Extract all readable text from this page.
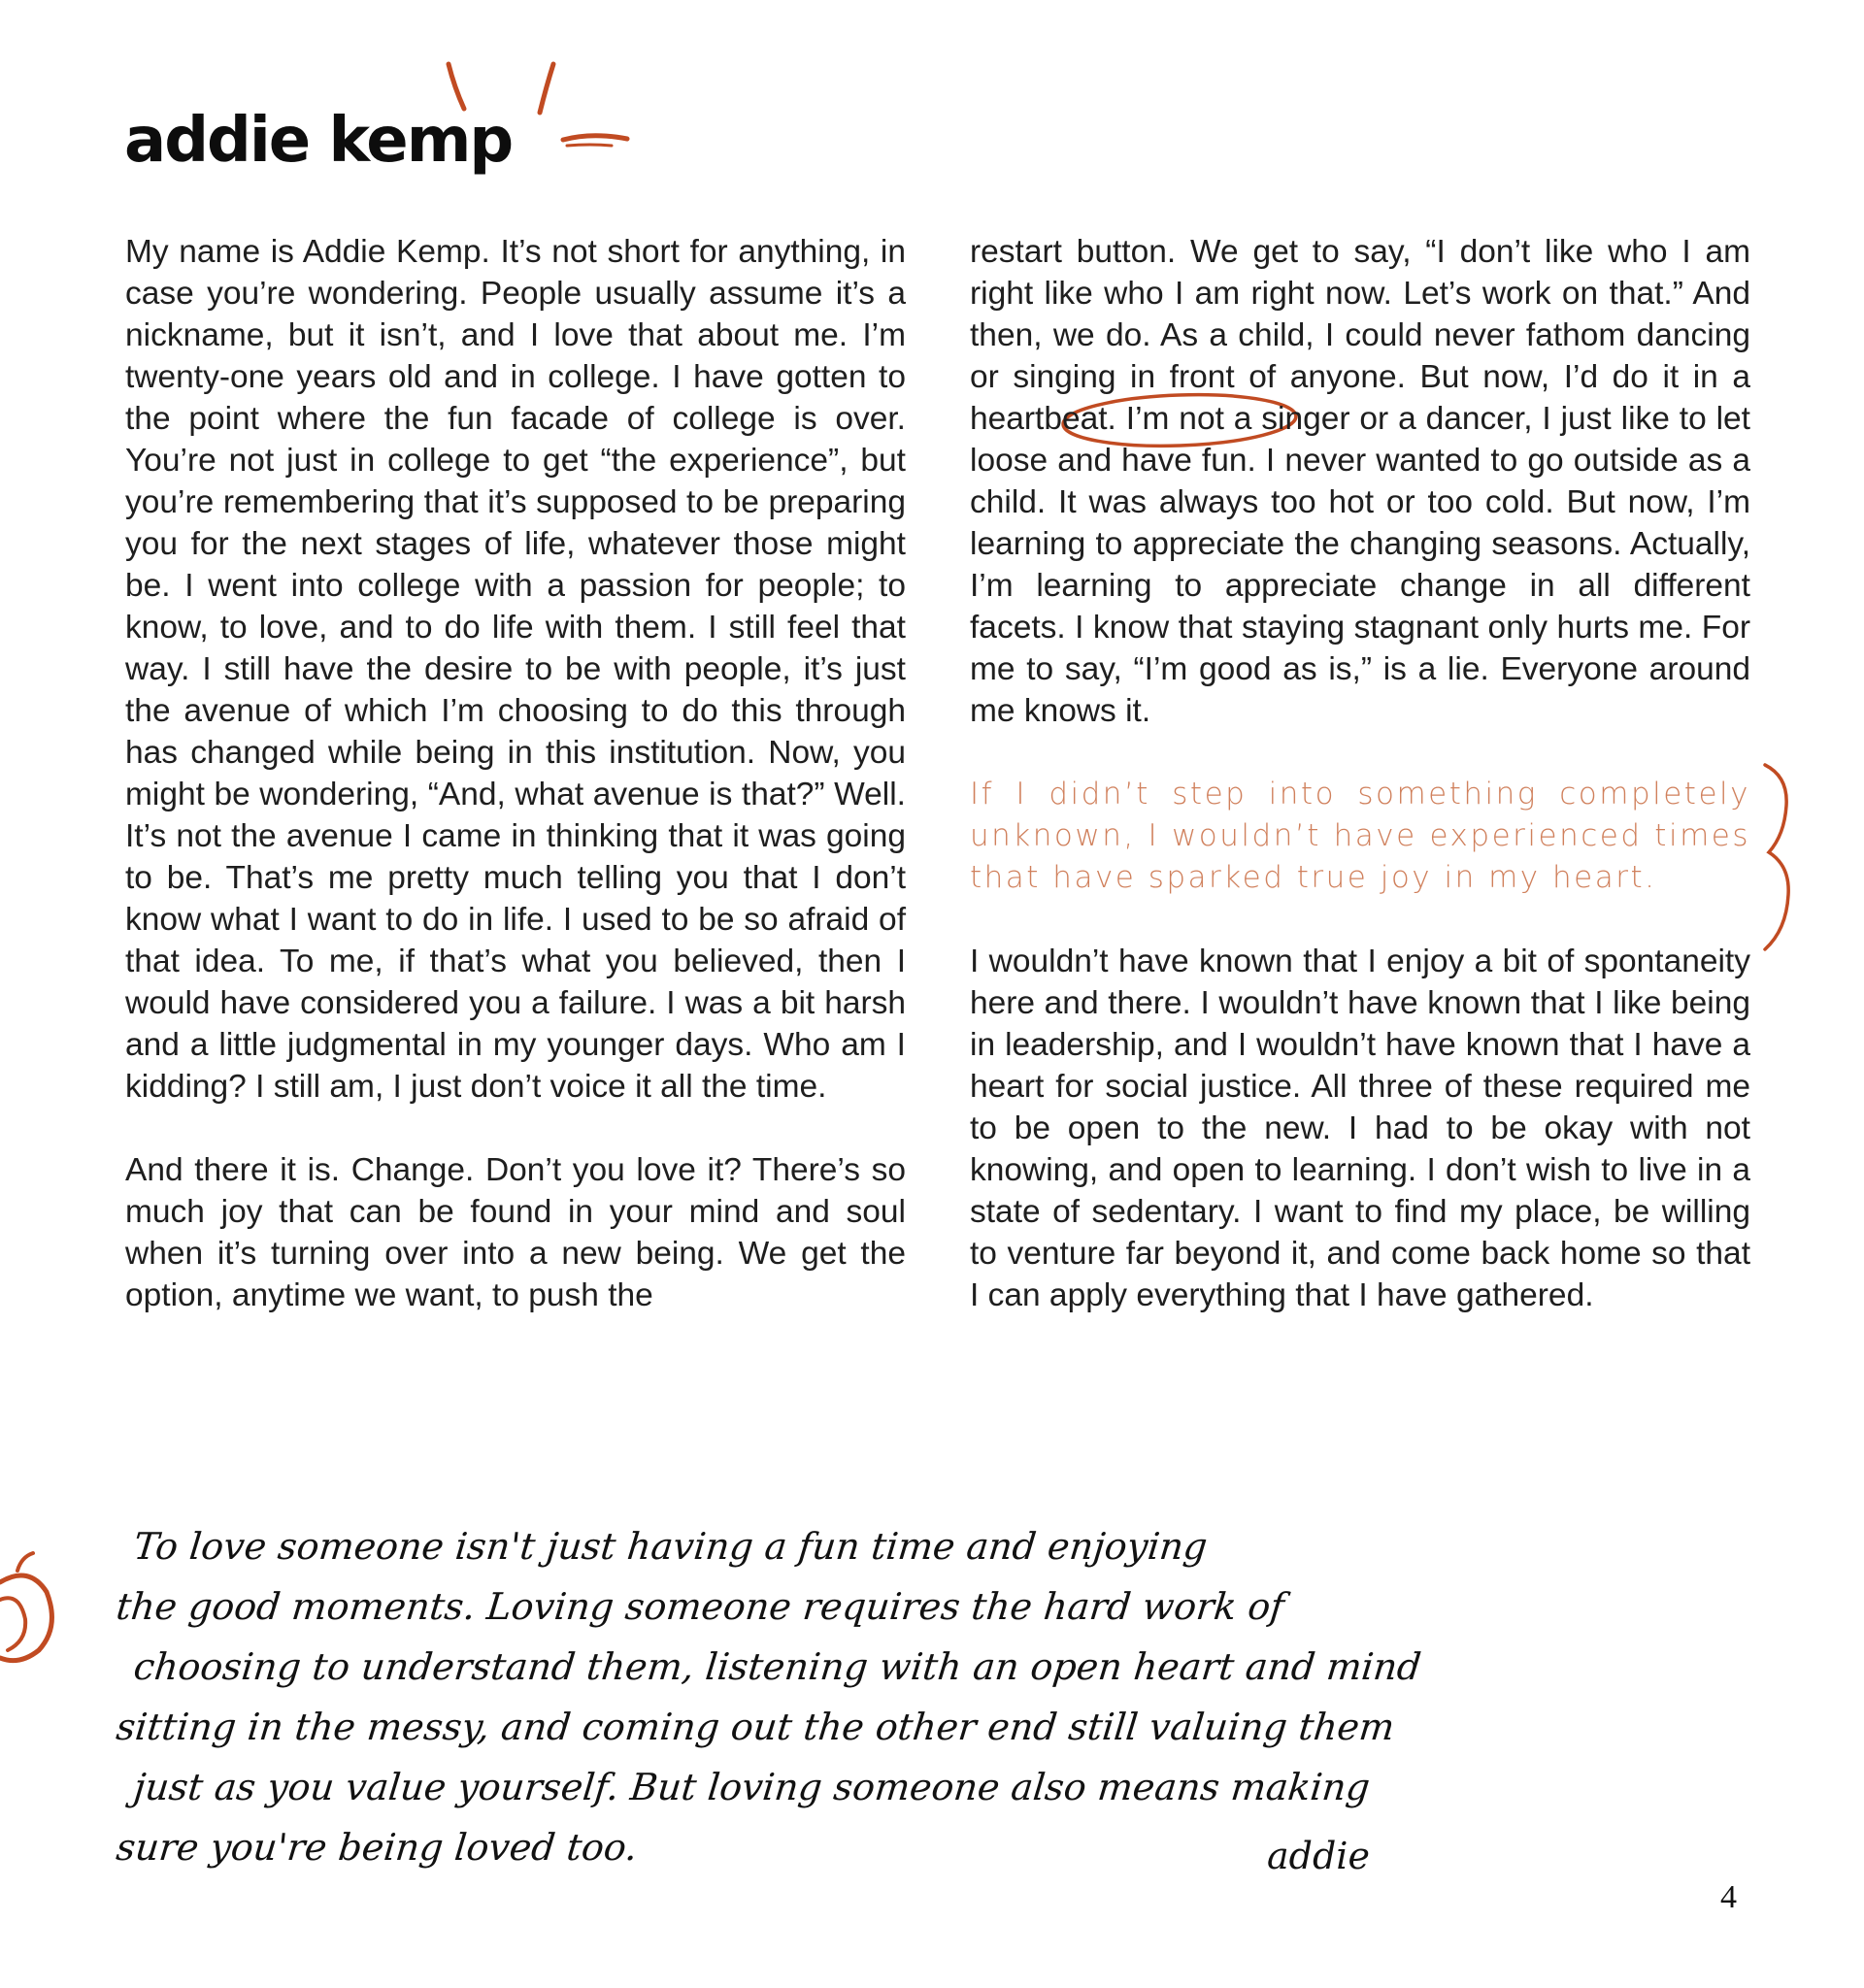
addie kemp

My name is Addie Kemp. It’s not short for anything, in case you’re wondering. People usually assume it’s a nickname, but it isn’t, and I love that about me. I’m twenty-one years old and in college. I have gotten to the point where the fun facade of college is over. You’re not just in college to get “the experience”, but you’re remembering that it’s supposed to be preparing you for the next stages of life, whatever those might be. I went into college with a passion for people; to know, to love, and to do life with them. I still feel that way. I still have the desire to be with people, it’s just the avenue of which I’m choosing to do this through has changed while being in this institution. Now, you might be wondering, “And, what avenue is that?” Well. It’s not the avenue I came in thinking that it was going to be. That’s me pretty much telling you that I don’t know what I want to do in life. I used to be so afraid of that idea. To me, if that’s what you believed, then I would have considered you a failure. I was a bit harsh and a little judgmental in my younger days. Who am I kidding? I still am, I just don’t voice it all the time.

And there it is. Change. Don’t you love it? There’s so much joy that can be found in your mind and soul when it’s turning over into a new being. We get the option, anytime we want, to push the

restart button. We get to say, “I don’t like who I am right like who I am right now. Let’s work on that.” And then, we do. As a child, I could never fathom dancing or singing in front of anyone. But now, I’d do it in a heartbeat. I’m not a singer or a dancer, I just like to let loose and have fun. I never wanted to go outside as a child. It was always too hot or too cold. But now, I’m learning to appreciate the changing seasons. Actually, I’m learning to appreciate change in all different facets. I know that staying stagnant only hurts me. For me to say, “I’m good as is,” is a lie. Everyone around me knows it.

If I didn’t step into something completely unknown, I wouldn’t have experienced times that have sparked true joy in my heart.

I wouldn’t have known that I enjoy a bit of spontaneity here and there. I wouldn’t have known that I like being in leadership, and I wouldn’t have known that I have a heart for social justice. All three of these required me to be open to the new. I had to be okay with not knowing, and open to learning. I don’t wish to live in a state of sedentary. I want to find my place, be willing to venture far beyond it, and come back home so that I can apply everything that I have gathered.

To love someone isn't just having a fun time and enjoying

the good moments. Loving someone requires the hard work of

choosing to understand them, listening with an open heart and mind

sitting in the messy, and coming out the other end still valuing them

just as you value yourself. But loving someone also means making

sure you're being loved too.	addie
4
